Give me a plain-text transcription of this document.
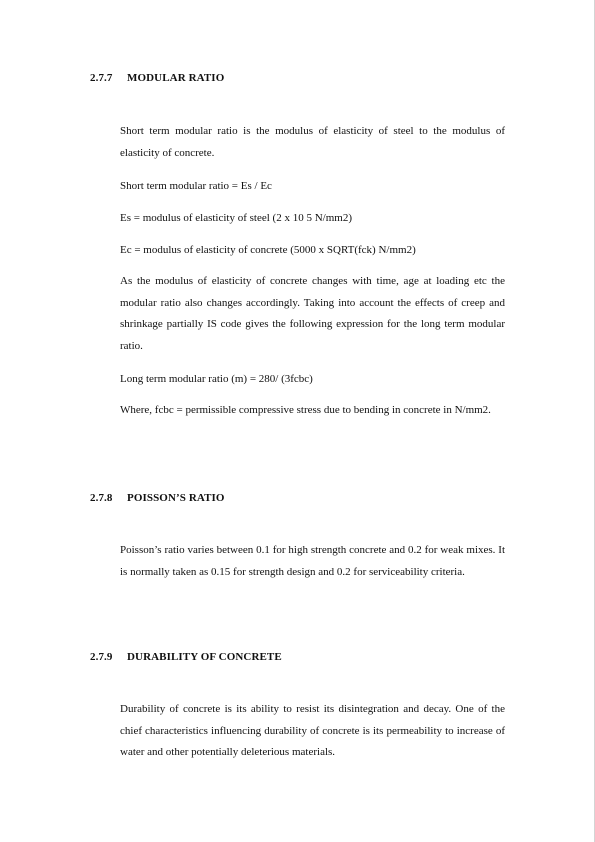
2.7.7 MODULAR RATIO

Short term modular ratio is the modulus of elasticity of steel to the modulus of elasticity of concrete.

Short term modular ratio = Es / Ec

Es = modulus of elasticity of steel (2 x 10 5 N/mm2)

Ec = modulus of elasticity of concrete (5000 x SQRT(fck) N/mm2)

As the modulus of elasticity of concrete changes with time, age at loading etc the modular ratio also changes accordingly. Taking into account the effects of creep and shrinkage partially IS code gives the following expression for the long term modular ratio.

Long term modular ratio (m) = 280/ (3fcbc)

Where, fcbc = permissible compressive stress due to bending in concrete in N/mm2.

2.7.8 POISSON’S RATIO

Poisson’s ratio varies between 0.1 for high strength concrete and 0.2 for weak mixes. It is normally taken as 0.15 for strength design and 0.2 for serviceability criteria.

2.7.9 DURABILITY OF CONCRETE

Durability of concrete is its ability to resist its disintegration and decay. One of the chief characteristics influencing durability of concrete is its permeability to increase of water and other potentially deleterious materials.
